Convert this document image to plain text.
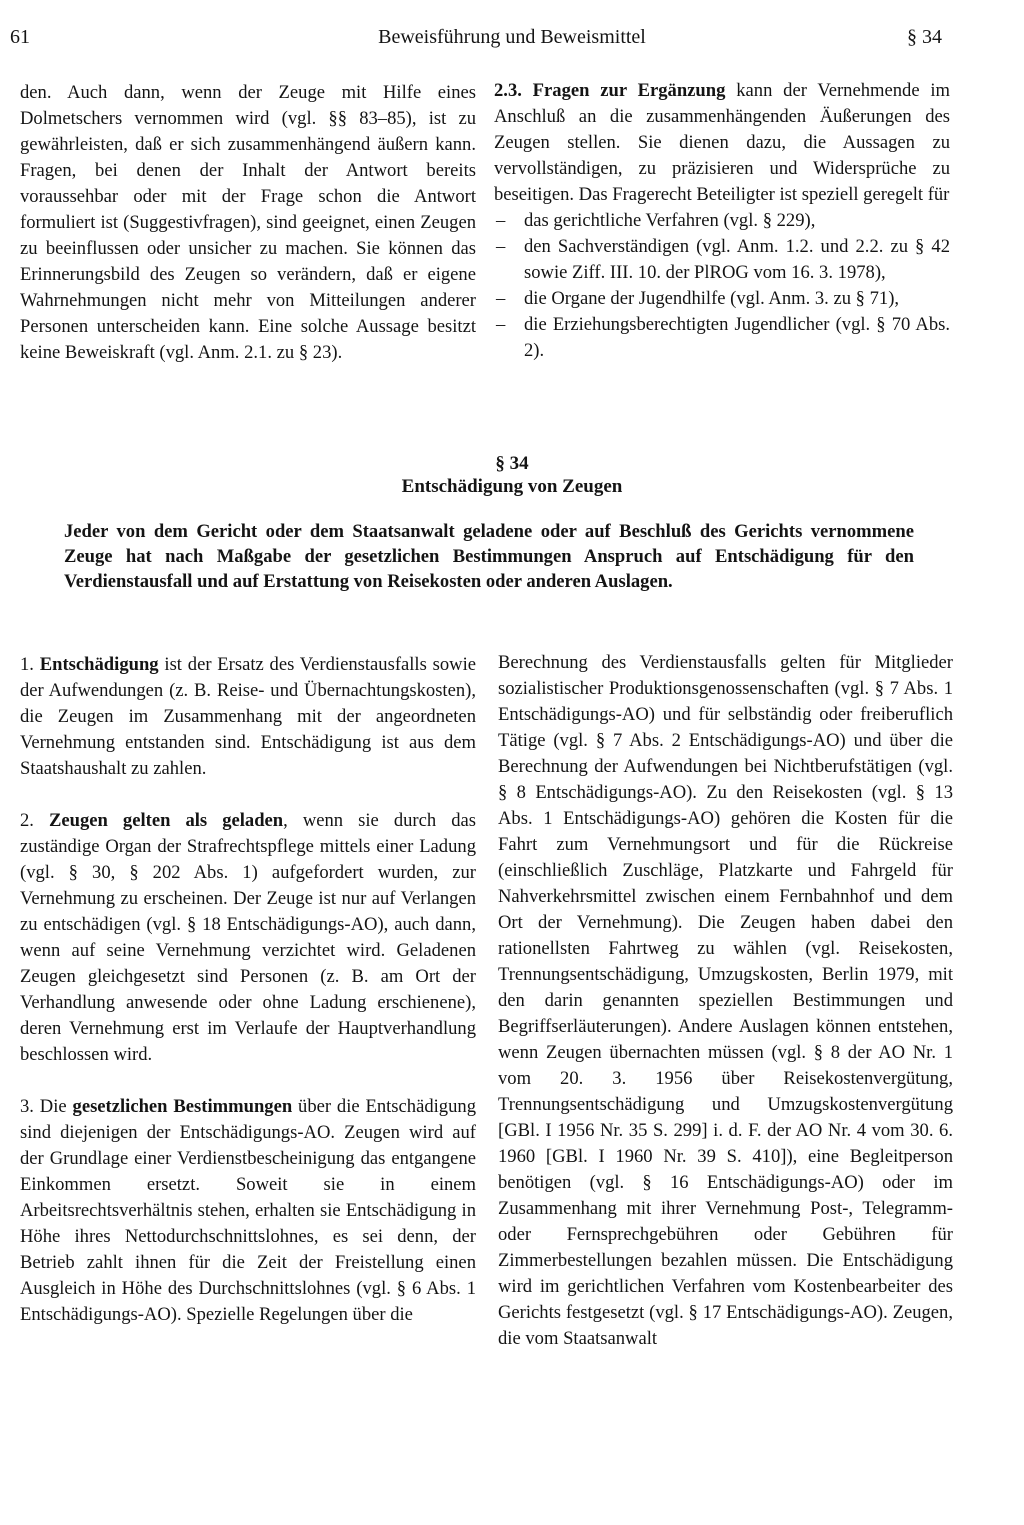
61	Beweisführung und Beweismittel	§ 34

den. Auch dann, wenn der Zeuge mit Hilfe eines Dolmetschers vernommen wird (vgl. §§ 83–85), ist zu gewährleisten, daß er sich zusammenhängend äußern kann. Fragen, bei denen der Inhalt der Antwort bereits voraussehbar oder mit der Frage schon die Antwort formuliert ist (Suggestivfragen), sind geeignet, einen Zeugen zu beeinflussen oder unsicher zu machen. Sie können das Erinnerungsbild des Zeugen so verändern, daß er eigene Wahrnehmungen nicht mehr von Mitteilungen anderer Personen unterscheiden kann. Eine solche Aussage besitzt keine Beweiskraft (vgl. Anm. 2.1. zu § 23).

2.3. Fragen zur Ergänzung kann der Vernehmende im Anschluß an die zusammenhängenden Äußerungen des Zeugen stellen. Sie dienen dazu, die Aussagen zu vervollständigen, zu präzisieren und Widersprüche zu beseitigen. Das Fragerecht Beteiligter ist speziell geregelt für

– das gerichtliche Verfahren (vgl. § 229),
– den Sachverständigen (vgl. Anm. 1.2. und 2.2. zu § 42 sowie Ziff. III. 10. der PlROG vom 16. 3. 1978),
– die Organe der Jugendhilfe (vgl. Anm. 3. zu § 71),
– die Erziehungsberechtigten Jugendlicher (vgl. § 70 Abs. 2).
§ 34
Entschädigung von Zeugen
Jeder von dem Gericht oder dem Staatsanwalt geladene oder auf Beschluß des Gerichts vernommene Zeuge hat nach Maßgabe der gesetzlichen Bestimmungen Anspruch auf Entschädigung für den Verdienstausfall und auf Erstattung von Reisekosten oder anderen Auslagen.

1. Entschädigung ist der Ersatz des Verdienstausfalls sowie der Aufwendungen (z. B. Reise- und Übernachtungskosten), die Zeugen im Zusammenhang mit der angeordneten Vernehmung entstanden sind. Entschädigung ist aus dem Staatshaushalt zu zahlen.

2. Zeugen gelten als geladen, wenn sie durch das zuständige Organ der Strafrechtspflege mittels einer Ladung (vgl. § 30, § 202 Abs. 1) aufgefordert wurden, zur Vernehmung zu erscheinen. Der Zeuge ist nur auf Verlangen zu entschädigen (vgl. § 18 Entschädigungs-AO), auch dann, wenn auf seine Vernehmung verzichtet wird. Geladenen Zeugen gleichgesetzt sind Personen (z. B. am Ort der Verhandlung anwesende oder ohne Ladung erschienene), deren Vernehmung erst im Verlaufe der Hauptverhandlung beschlossen wird.

3. Die gesetzlichen Bestimmungen über die Entschädigung sind diejenigen der Entschädigungs-AO. Zeugen wird auf der Grundlage einer Verdienstbescheinigung das entgangene Einkommen ersetzt. Soweit sie in einem Arbeitsrechtsverhältnis stehen, erhalten sie Entschädigung in Höhe ihres Nettodurchschnittslohnes, es sei denn, der Betrieb zahlt ihnen für die Zeit der Freistellung einen Ausgleich in Höhe des Durchschnittslohnes (vgl. § 6 Abs. 1 Entschädigungs-AO). Spezielle Regelungen über die

Berechnung des Verdienstausfalls gelten für Mitglieder sozialistischer Produktionsgenossenschaften (vgl. § 7 Abs. 1 Entschädigungs-AO) und für selbständig oder freiberuflich Tätige (vgl. § 7 Abs. 2 Entschädigungs-AO) und über die Berechnung der Aufwendungen bei Nichtberufstätigen (vgl. § 8 Entschädigungs-AO). Zu den Reisekosten (vgl. § 13 Abs. 1 Entschädigungs-AO) gehören die Kosten für die Fahrt zum Vernehmungsort und für die Rückreise (einschließlich Zuschläge, Platzkarte und Fahrgeld für Nahverkehrsmittel zwischen einem Fernbahnhof und dem Ort der Vernehmung). Die Zeugen haben dabei den rationellsten Fahrtweg zu wählen (vgl. Reisekosten, Trennungsentschädigung, Umzugskosten, Berlin 1979, mit den darin genannten speziellen Bestimmungen und Begriffserläuterungen). Andere Auslagen können entstehen, wenn Zeugen übernachten müssen (vgl. § 8 der AO Nr. 1 vom 20. 3. 1956 über Reisekostenvergütung, Trennungsentschädigung und Umzugskostenvergütung [GBl. I 1956 Nr. 35 S. 299] i. d. F. der AO Nr. 4 vom 30. 6. 1960 [GBl. I 1960 Nr. 39 S. 410]), eine Begleitperson benötigen (vgl. § 16 Entschädigungs-AO) oder im Zusammenhang mit ihrer Vernehmung Post-, Telegramm- oder Fernsprechgebühren oder Gebühren für Zimmerbestellungen bezahlen müssen. Die Entschädigung wird im gerichtlichen Verfahren vom Kostenbearbeiter des Gerichts festgesetzt (vgl. § 17 Entschädigungs-AO). Zeugen, die vom Staatsanwalt
